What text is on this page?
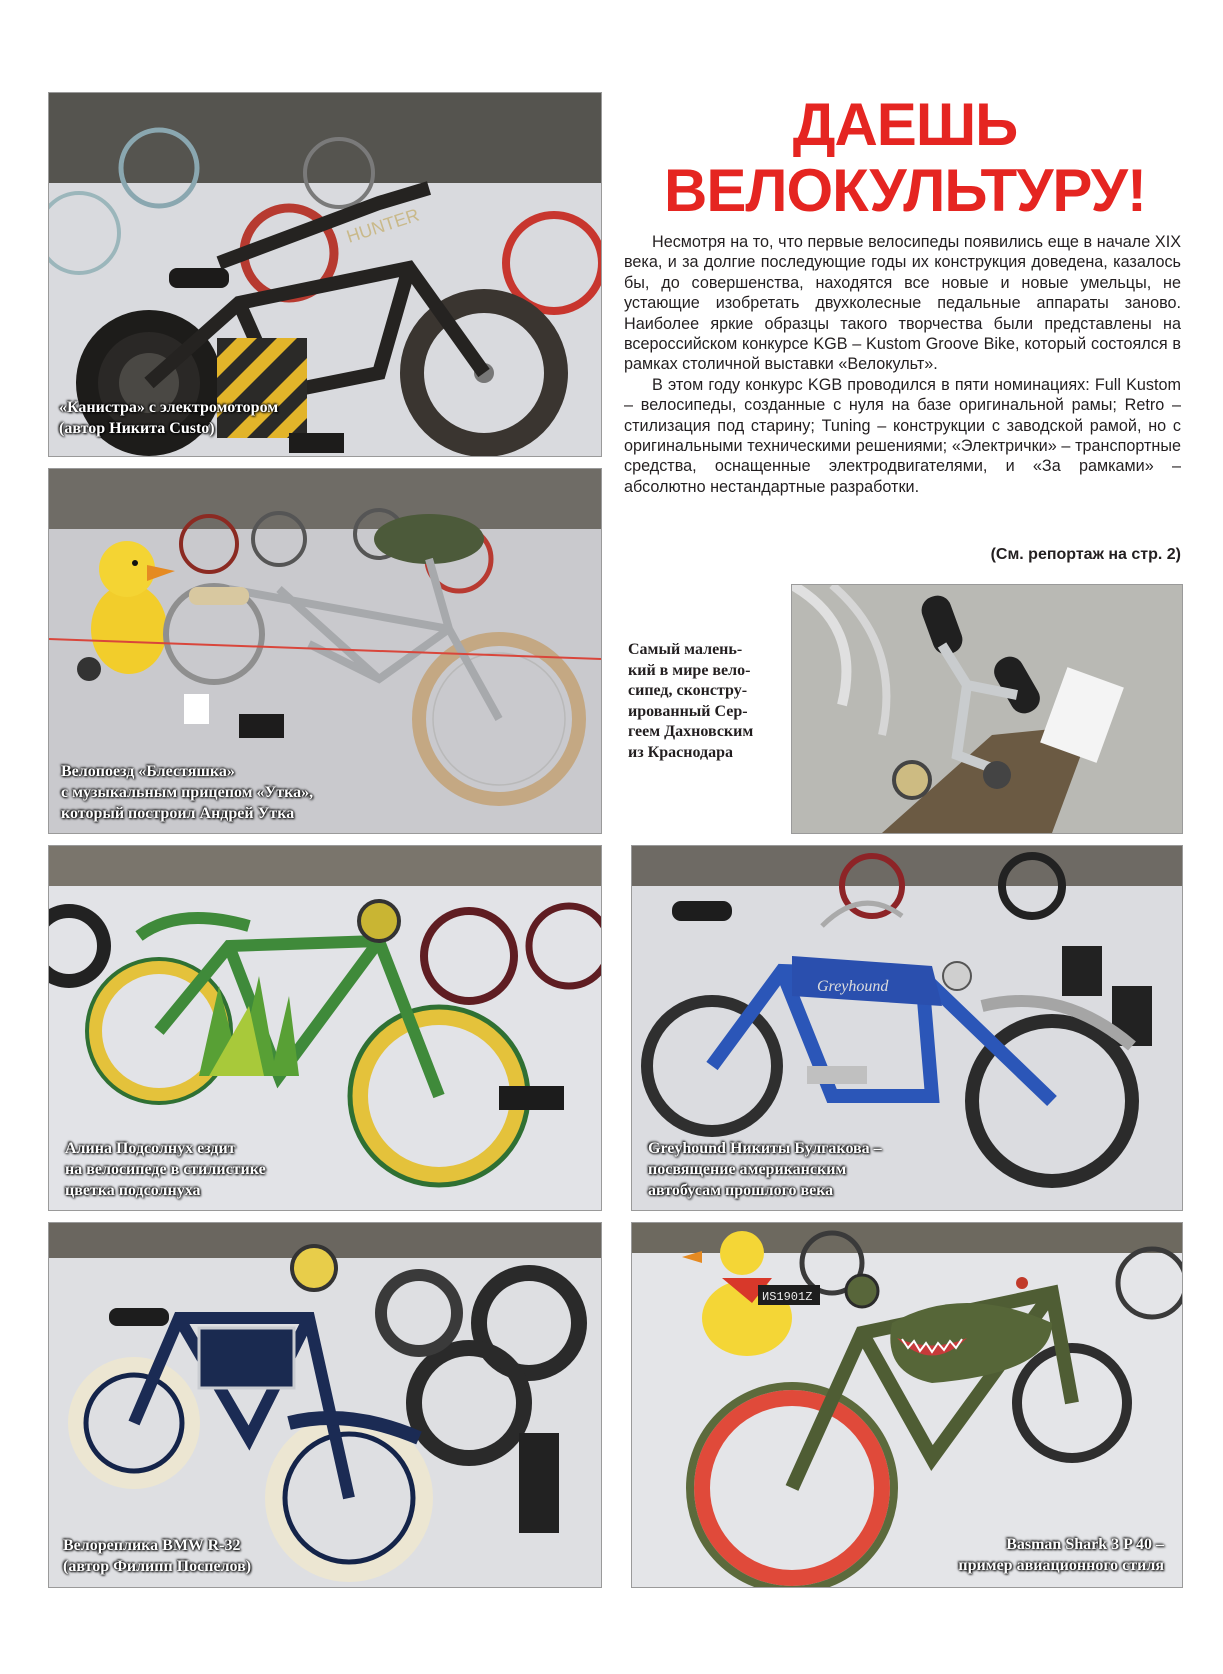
HUNTER

«Канистра» с электромотором
(автор Никита Custo)

ДАЕШЬ
ВЕЛОКУЛЬТУРУ!

Несмотря на то, что первые велосипеды появились еще в начале XIX века, и за долгие последующие годы их конструкция доведена, казалось бы, до совершенства, находятся все новые и новые умельцы, не устающие изобретать двухколесные педальные аппараты заново. Наиболее яркие образцы такого творчества были представлены на всероссийском конкурсе KGB – Kustom Groove Bike, который состоялся в рамках столичной выставки «Велокульт».

В этом году конкурс KGB проводился в пяти номинациях: Full Kustom – велосипеды, созданные с нуля на базе оригинальной рамы; Retro – стилизация под старину; Tuning – конструкции с заводской рамой, но с оригинальными техническими решениями; «Электрички» – транспортные средства, оснащенные электродвигателями, и «За рамками» – абсолютно нестандартные разработки.

(См. репортаж на стр. 2)

Велопоезд «Блестяшка»
с музыкальным прицепом «Утка»,
который построил Андрей Утка

Самый малень-
кий в мире вело-
сипед, сконстру-
ированный Сер-
геем Дахновским
из Краснодара

Алина Подсолнух ездит
на велосипеде в стилистике
цветка подсолнуха

Greyhound

Greyhound Никиты Булгакова –
посвящение американским
автобусам прошлого века

Велореплика BMW R-32
(автор Филипп Поспелов)

ИS1901Z

Basman Shark 3 P 40 –
пример авиационного стиля
